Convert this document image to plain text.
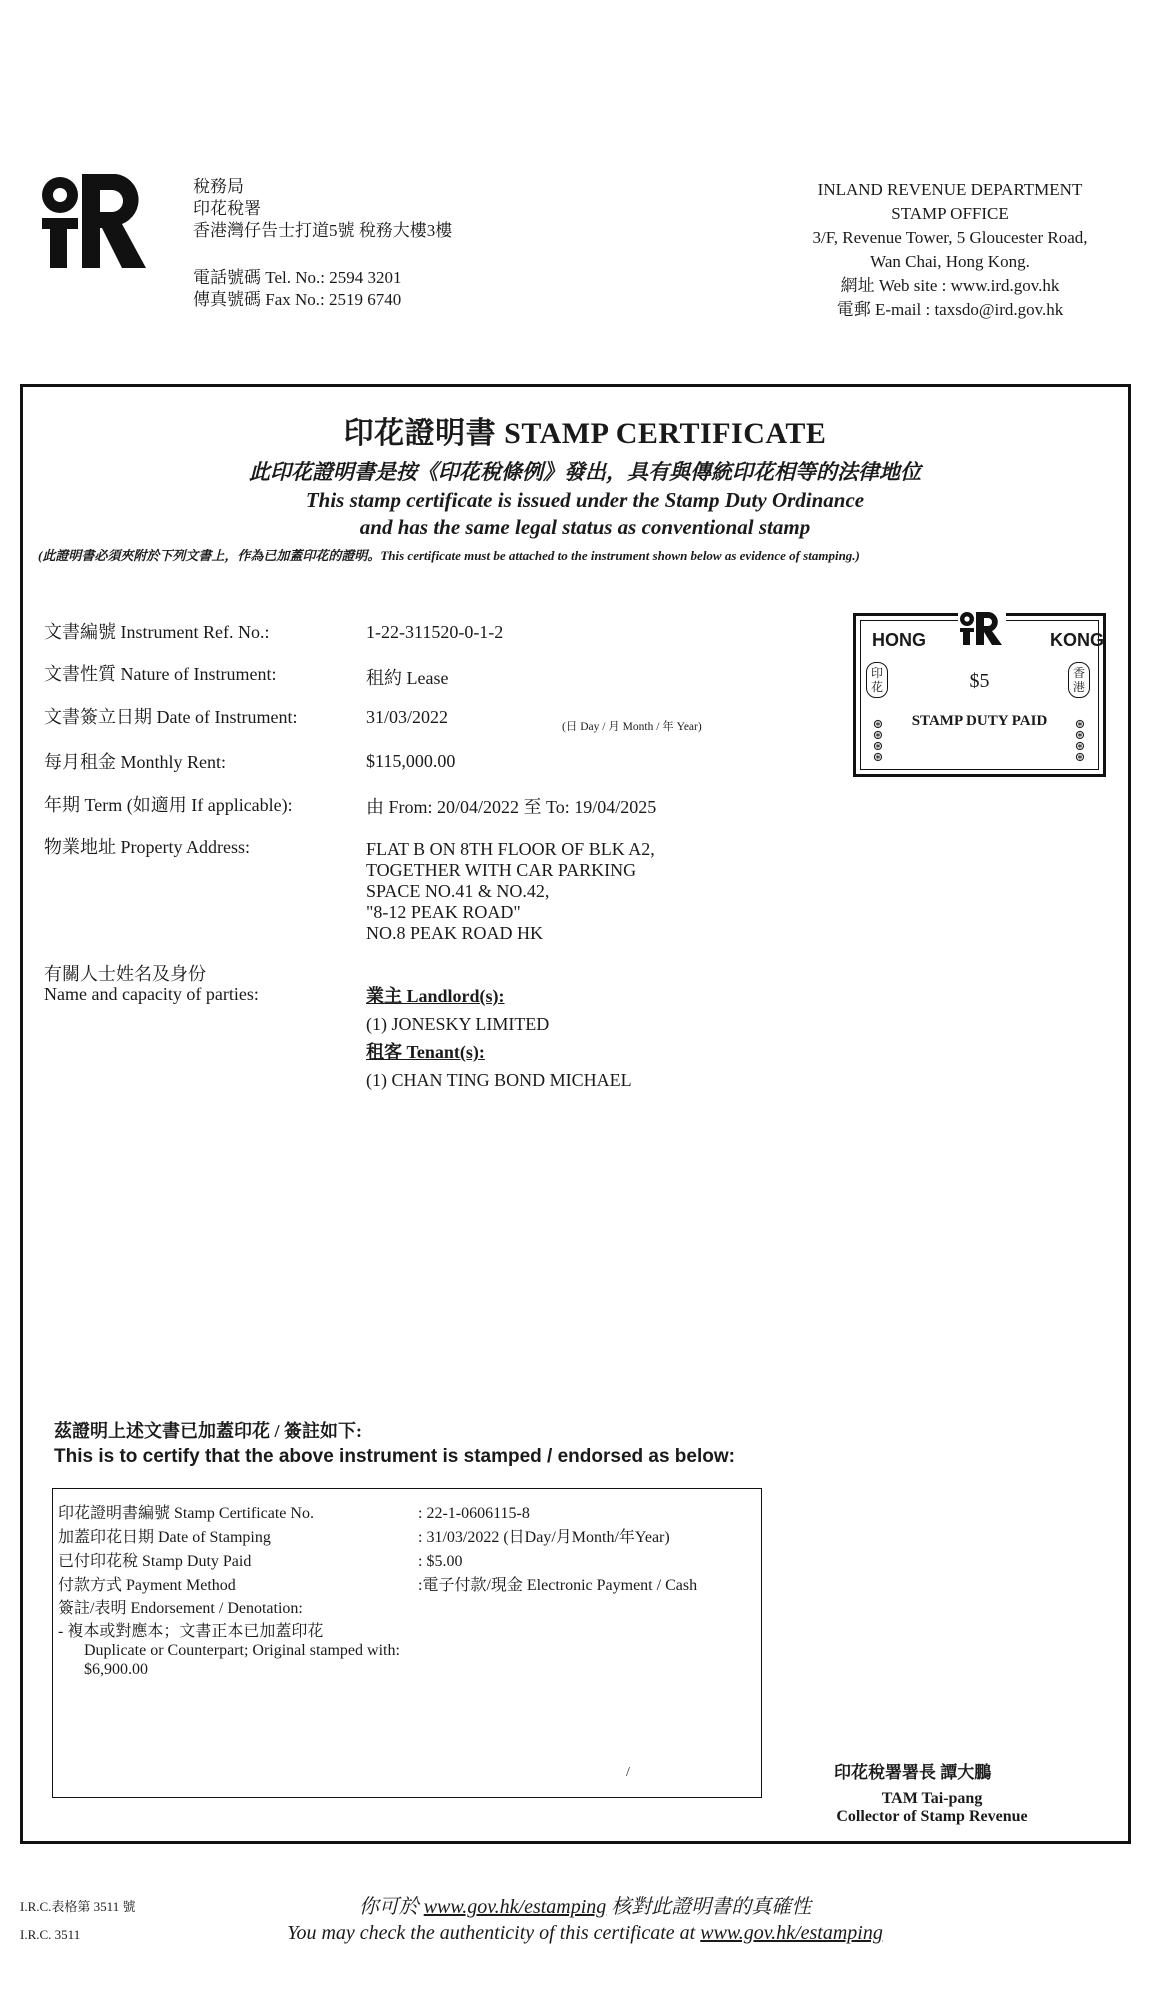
稅務局
印花稅署
香港灣仔告士打道5號 稅務大樓3樓
電話號碼 Tel. No.: 2594 3201
傳真號碼 Fax No.: 2519 6740
INLAND REVENUE DEPARTMENT
STAMP OFFICE
3/F, Revenue Tower, 5 Gloucester Road,
Wan Chai, Hong Kong.
網址 Web site : www.ird.gov.hk
電郵 E-mail : taxsdo@ird.gov.hk
印花證明書 STAMP CERTIFICATE
此印花證明書是按《印花稅條例》發出，具有與傳統印花相等的法律地位
This stamp certificate is issued under the Stamp Duty Ordinance
and has the same legal status as conventional stamp
(此證明書必須夾附於下列文書上，作為已加蓋印花的證明。This certificate must be attached to the instrument shown below as evidence of stamping.)
文書編號 Instrument Ref. No.:	1-22-311520-0-1-2
文書性質 Nature of Instrument:	租約 Lease
文書簽立日期 Date of Instrument:	31/03/2022	(日 Day / 月 Month / 年 Year)
每月租金 Monthly Rent:	$115,000.00
年期 Term (如適用 If applicable):	由 From: 20/04/2022 至 To: 19/04/2025
物業地址 Property Address:	FLAT B ON 8TH FLOOR OF BLK A2,
TOGETHER WITH CAR PARKING
SPACE NO.41 & NO.42,
"8-12 PEAK ROAD"
NO.8 PEAK ROAD HK
有關人士姓名及身份
Name and capacity of parties:	業主 Landlord(s):
(1) JONESKY LIMITED
租客 Tenant(s):
(1) CHAN TING BOND MICHAEL
HONG	KONG
$5
STAMP DUTY PAID
印花
香港
⊛
⊛
⊛
⊛
⊛
⊛
⊛
⊛
茲證明上述文書已加蓋印花 / 簽註如下:
This is to certify that the above instrument is stamped / endorsed as below:
印花證明書編號 Stamp Certificate No.	: 22-1-0606115-8
加蓋印花日期 Date of Stamping	: 31/03/2022 (日Day/月Month/年Year)
已付印花稅 Stamp Duty Paid	: $5.00
付款方式 Payment Method	:電子付款/現金 Electronic Payment / Cash
簽註/表明 Endorsement / Denotation:
- 複本或對應本；文書正本已加蓋印花
Duplicate or Counterpart; Original stamped with:
$6,900.00
/	印花稅署署長 譚大鵬
TAM Tai-pang
Collector of Stamp Revenue
I.R.C.表格第 3511 號
I.R.C. 3511
你可於 www.gov.hk/estamping 核對此證明書的真確性
You may check the authenticity of this certificate at www.gov.hk/estamping
